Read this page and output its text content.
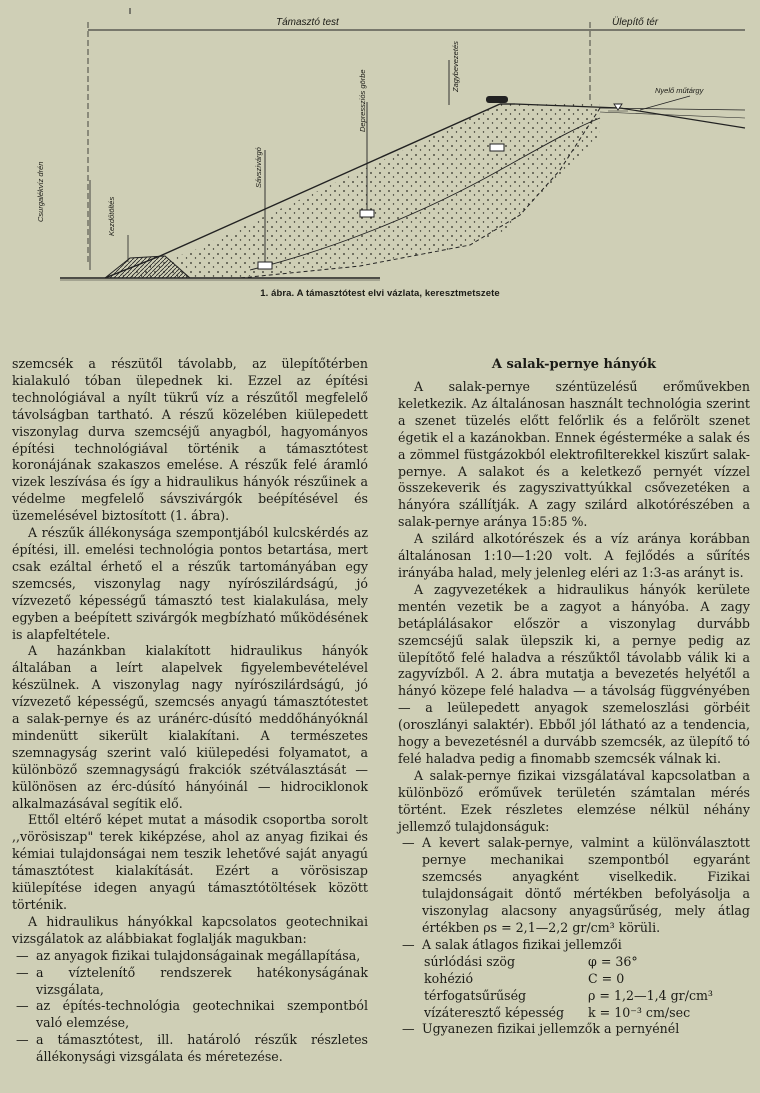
Támasztó test	Ülepítő tér
Csurgalékvíz drén	Kezdőtöltés
Sávszivárgó
Depressziós görbe
Zagybevezetés	Nyelő műtárgy
1. ábra. A támasztótest elvi vázlata, keresztmetszete

szemcsék a részütől távolabb, az ülepítőtérben kialakuló tóban ülepednek ki. Ezzel az építési technológiával a nyílt tükrű víz a részűtől megfelelő távolságban tartható. A részű közelében kiülepedett viszonylag durva szemcséjű anyagból, hagyományos építési technológiával történik a támasztótest koronájának szakaszos emelése. A részűk felé áramló vizek leszívása és így a hidraulikus hányók részűinek a védelme megfelelő sávszivárgók beépítésével és üzemelésével biztosított (1. ábra).

A részűk állékonysága szempontjából kulcskérdés az építési, ill. emelési technológia pontos betartása, mert csak ezáltal érhető el a részűk tartományában egy szemcsés, viszonylag nagy nyírószilárdságú, jó vízvezető képességű támasztó test kialakulása, mely egyben a beépített szivárgók megbízható működésének is alapfeltétele.

A hazánkban kialakított hidraulikus hányók általában a leírt alapelvek figyelembevételével készülnek. A viszonylag nagy nyírószilárdságú, jó vízvezető képességű, szemcsés anyagú támasztótestet a salak-pernye és az uránérc-dúsító meddőhányóknál mindenütt sikerült kialakítani. A természetes szemnagyság szerint való kiülepedési folyamatot, a különböző szemnagyságú frakciók szétválasztását — különösen az érc-dúsító hányóinál — hidrociklonok alkalmazásával segítik elő.

Ettől eltérő képet mutat a második csoportba sorolt ,,vörösiszap" terek kiképzése, ahol az anyag fizikai és kémiai tulajdonságai nem teszik lehetővé saját anyagú támasztótest kialakítását. Ezért a vörösiszap kiülepítése idegen anyagú támasztótöltések között történik.

A hidraulikus hányókkal kapcsolatos geotechnikai vizsgálatok az alábbiakat foglalják magukban:

— az anyagok fizikai tulajdonságainak megállapítása,
— a víztelenítő rendszerek hatékonyságának vizsgálata,
— az építés-technológia geotechnikai szempontból való elemzése,
— a támasztótest, ill. határoló részűk részletes állékonysági vizsgálata és méretezése.
A salak-pernye hányók

A salak-pernye széntüzelésű erőművekben keletkezik. Az általánosan használt technológia szerint a szenet tüzelés előtt felőrlik és a felőrölt szenet égetik el a kazánokban. Ennek égésterméke a salak és a zömmel füstgázokból elektrofilterekkel kiszűrt salak-pernye. A salakot és a keletkező pernyét vízzel összekeverik és zagyszivattyúkkal csővezetéken a hányóra szállítják. A zagy szilárd alkotórészében a salak-pernye aránya 15:85 %.

A szilárd alkotórészek és a víz aránya korábban általánosan 1:10—1:20 volt. A fejlődés a sűrítés irányába halad, mely jelenleg eléri az 1:3-as arányt is.

A zagyvezetékek a hidraulikus hányók kerülete mentén vezetik be a zagyot a hányóba. A zagy betáplálásakor először a viszonylag durvább szemcséjű salak ülepszik ki, a pernye pedig az ülepítőtő felé haladva a részűktől távolabb válik ki a zagyvízből. A 2. ábra mutatja a bevezetés helyétől a hányó közepe felé haladva — a távolság függvényében — a leülepedett anyagok szemeloszlási görbéit (oroszlányi salaktér). Ebből jól látható az a tendencia, hogy a bevezetésnél a durvább szemcsék, az ülepítő tó felé haladva pedig a finomabb szemcsék válnak ki.

A salak-pernye fizikai vizsgálatával kapcsolatban a különböző erőművek területén számtalan mérés történt. Ezek részletes elemzése nélkül néhány jellemző tulajdonságuk:

— A kevert salak-pernye, valmint a különválasztott pernye mechanikai szempontból egyaránt szemcsés anyagként viselkedik. Fizikai tulajdonságait döntő mértékben befolyásolja a viszonylag alacsony anyagsűrűség, mely átlag értékben ρs = 2,1—2,2 gr/cm³ körüli.
— A salak átlagos fizikai jellemzői
súrlódási szög	φ = 36°
kohézió	C = 0
térfogatsűrűség	ρ = 1,2—1,4 gr/cm³
vízáteresztő képesség	k = 10⁻³ cm/sec
— Ugyanezen fizikai jellemzők a pernyénél
